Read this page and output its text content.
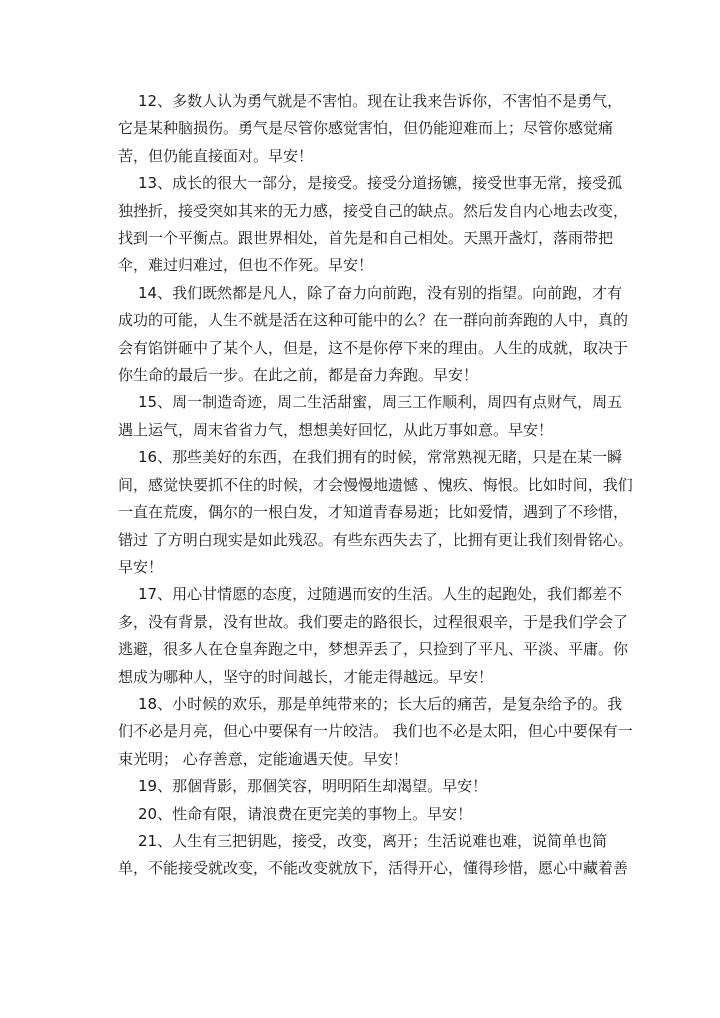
12、多数人认为勇气就是不害怕。现在让我来告诉你，不害怕不是勇气，
它是某种脑损伤。勇气是尽管你感觉害怕，但仍能迎难而上；尽管你感觉痛
苦，但仍能直接面对。早安！
13、成长的很大一部分，是接受。接受分道扬镳，接受世事无常，接受孤
独挫折，接受突如其来的无力感，接受自己的缺点。然后发自内心地去改变，
找到一个平衡点。跟世界相处，首先是和自己相处。天黑开盏灯，落雨带把
伞，难过归难过，但也不作死。早安！
14、我们既然都是凡人，除了奋力向前跑，没有别的指望。向前跑，才有
成功的可能，人生不就是活在这种可能中的么？在一群向前奔跑的人中，真的
会有馅饼砸中了某个人，但是，这不是你停下来的理由。人生的成就，取决于
你生命的最后一步。在此之前，都是奋力奔跑。早安！
15、周一制造奇迹，周二生活甜蜜，周三工作顺利，周四有点财气，周五
遇上运气，周末省省力气，想想美好回忆，从此万事如意。早安！
16、那些美好的东西，在我们拥有的时候，常常熟视无睹，只是在某一瞬
间，感觉快要抓不住的时候，才会慢慢地遗憾 、愧疚、悔恨。比如时间，我们
一直在荒废，偶尔的一根白发，才知道青春易逝；比如爱情，遇到了不珍惜，
错过 了方明白现实是如此残忍。有些东西失去了，比拥有更让我们刻骨铭心。
早安！
17、用心甘情愿的态度，过随遇而安的生活。人生的起跑处，我们都差不
多，没有背景，没有世故。我们要走的路很长，过程很艰辛，于是我们学会了
逃避，很多人在仓皇奔跑之中，梦想弄丢了，只捡到了平凡、平淡、平庸。你
想成为哪种人，坚守的时间越长，才能走得越远。早安！
18、小时候的欢乐，那是单纯带来的；长大后的痛苦，是复杂给予的。我
们不必是月亮，但心中要保有一片皎洁。 我们也不必是太阳，但心中要保有一
束光明； 心存善意，定能逾遇天使。早安！
19、那個背影，那個笑容，明明陌生却渴望。早安！
20、性命有限，请浪费在更完美的事物上。早安！
21、人生有三把钥匙，接受，改变，离开；生活说难也难，说简单也简
单，不能接受就改变，不能改变就放下，活得开心，懂得珍惜，愿心中藏着善
